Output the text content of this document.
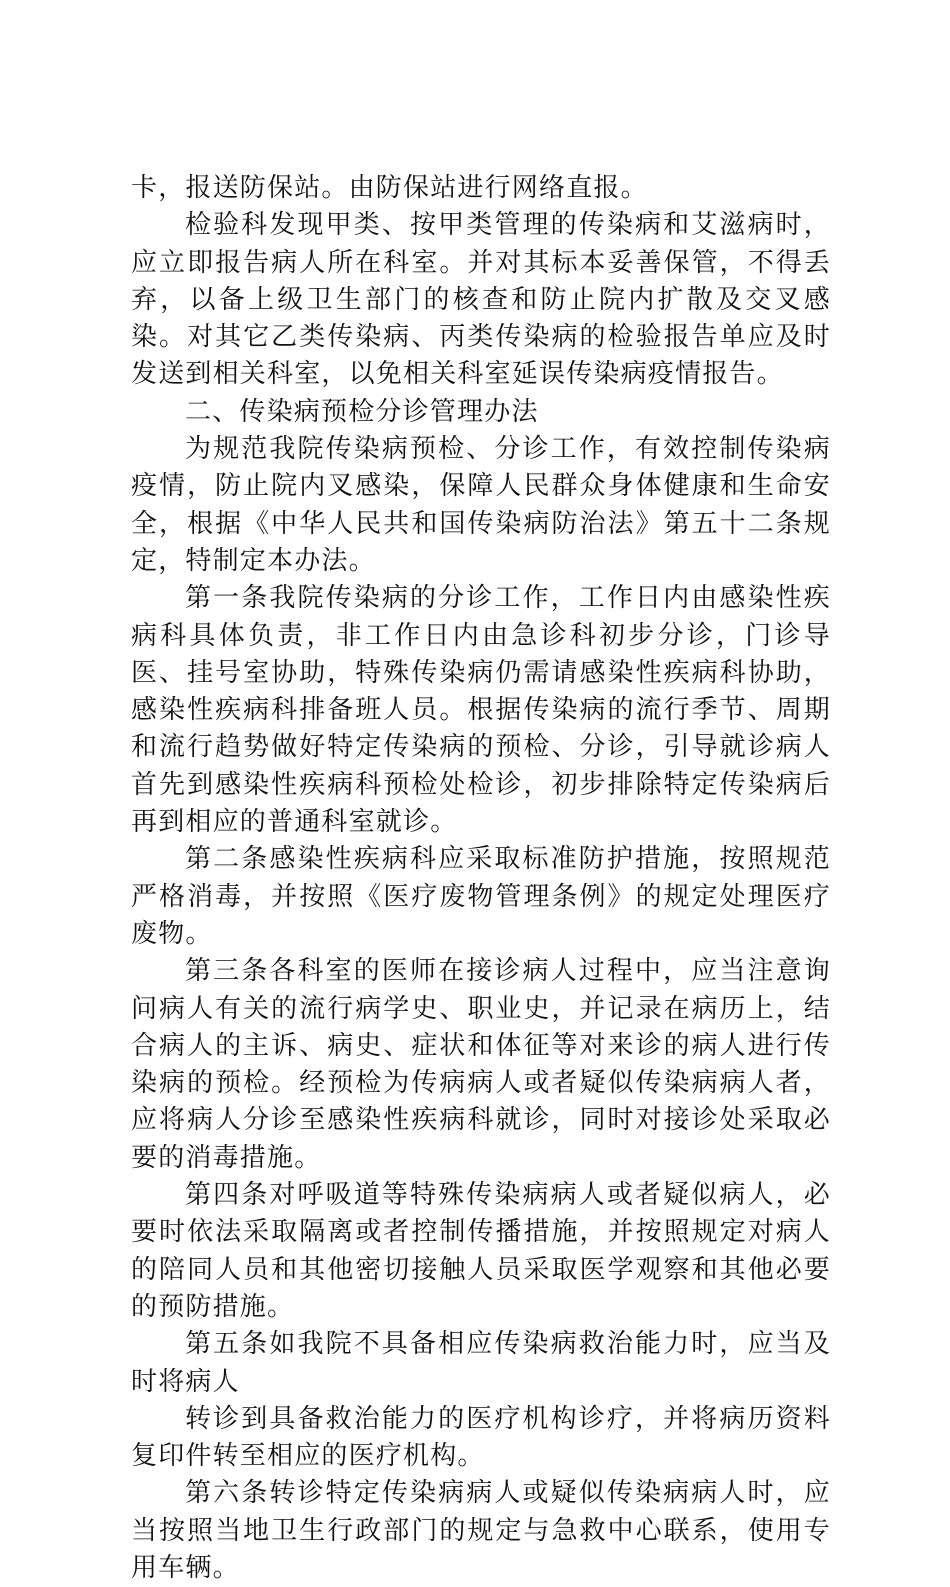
卡，报送防保站。由防保站进行网络直报。

检验科发现甲类、按甲类管理的传染病和艾滋病时，应立即报告病人所在科室。并对其标本妥善保管，不得丢弃，以备上级卫生部门的核查和防止院内扩散及交叉感染。对其它乙类传染病、丙类传染病的检验报告单应及时发送到相关科室，以免相关科室延误传染病疫情报告。

二、传染病预检分诊管理办法

为规范我院传染病预检、分诊工作，有效控制传染病疫情，防止院内叉感染，保障人民群众身体健康和生命安全，根据《中华人民共和国传染病防治法》第五十二条规定，特制定本办法。

第一条我院传染病的分诊工作，工作日内由感染性疾病科具体负责，非工作日内由急诊科初步分诊，门诊导医、挂号室协助，特殊传染病仍需请感染性疾病科协助，感染性疾病科排备班人员。根据传染病的流行季节、周期和流行趋势做好特定传染病的预检、分诊，引导就诊病人首先到感染性疾病科预检处检诊，初步排除特定传染病后再到相应的普通科室就诊。

第二条感染性疾病科应采取标准防护措施，按照规范严格消毒，并按照《医疗废物管理条例》的规定处理医疗废物。

第三条各科室的医师在接诊病人过程中，应当注意询问病人有关的流行病学史、职业史，并记录在病历上，结合病人的主诉、病史、症状和体征等对来诊的病人进行传染病的预检。经预检为传病病人或者疑似传染病病人者，应将病人分诊至感染性疾病科就诊，同时对接诊处采取必要的消毒措施。

第四条对呼吸道等特殊传染病病人或者疑似病人，必要时依法采取隔离或者控制传播措施，并按照规定对病人的陪同人员和其他密切接触人员采取医学观察和其他必要的预防措施。

第五条如我院不具备相应传染病救治能力时，应当及时将病人

转诊到具备救治能力的医疗机构诊疗，并将病历资料复印件转至相应的医疗机构。

第六条转诊特定传染病病人或疑似传染病病人时，应当按照当地卫生行政部门的规定与急救中心联系，使用专用车辆。
